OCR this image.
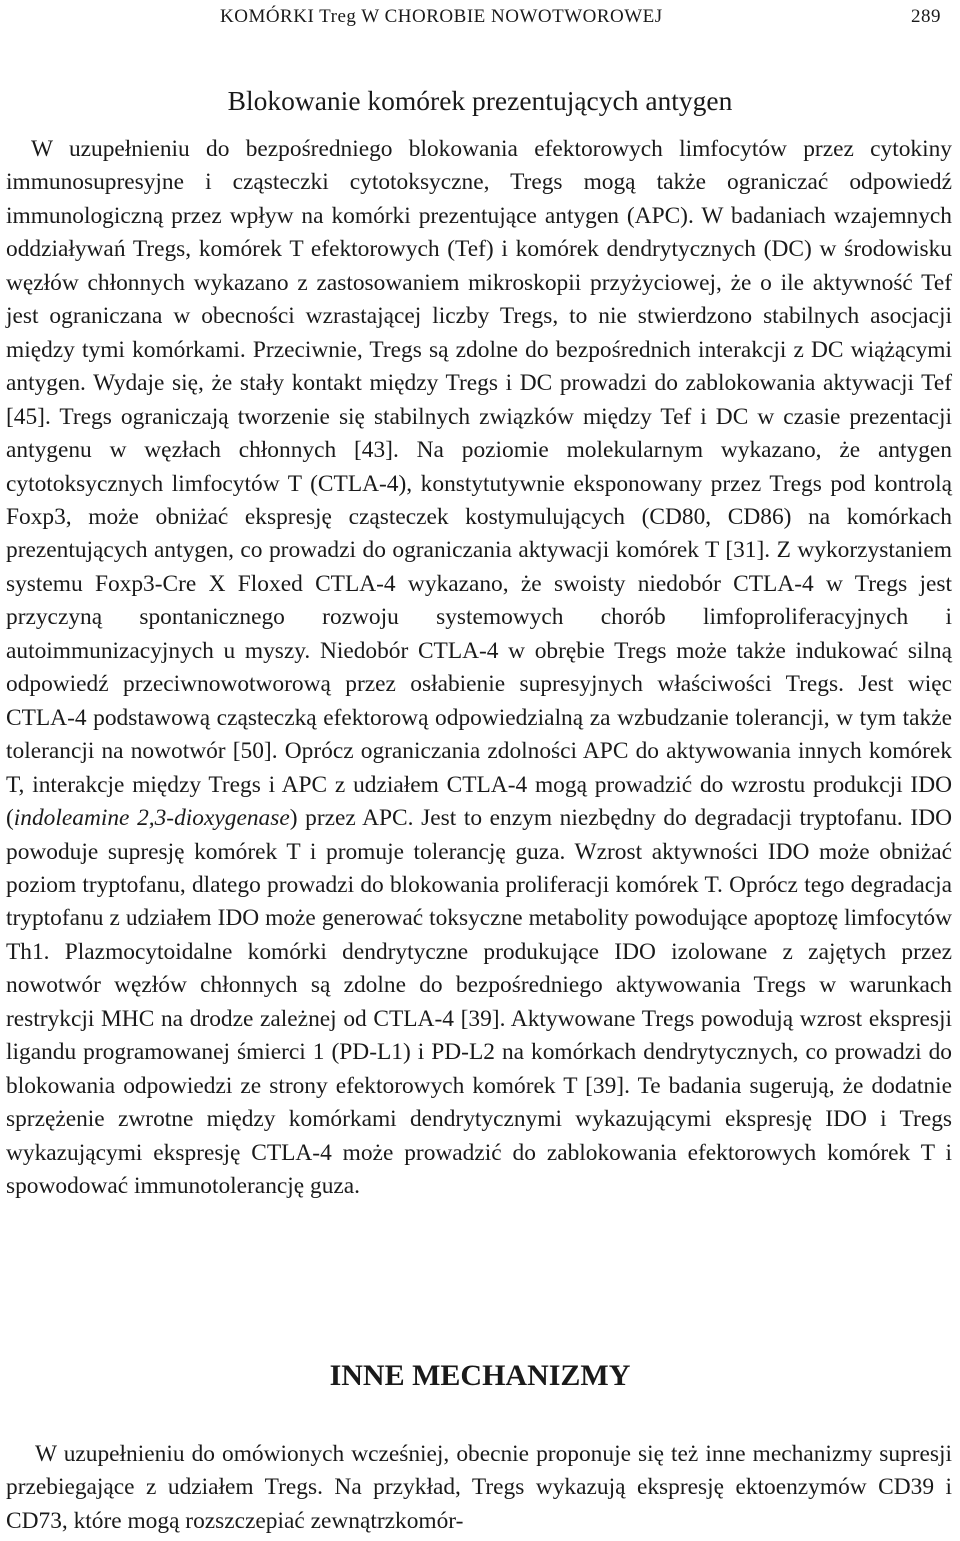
KOMÓRKI Treg W CHOROBIE NOWOTWOROWEJ	289
Blokowanie komórek prezentujących antygen

W uzupełnieniu do bezpośredniego blokowania efektorowych limfocytów przez cytokiny immunosupresyjne i cząsteczki cytotoksyczne, Tregs mogą także ograniczać odpowiedź immunologiczną przez wpływ na komórki prezentujące antygen (APC). W badaniach wzajemnych oddziaływań Tregs, komórek T efektorowych (Tef) i komórek dendrytycznych (DC) w środowisku węzłów chłonnych wykazano z zastosowaniem mikroskopii przyżyciowej, że o ile aktywność Tef jest ograniczana w obecności wzrastającej liczby Tregs, to nie stwierdzono stabilnych asocjacji między tymi komórkami. Przeciwnie, Tregs są zdolne do bezpośrednich interakcji z DC wiążącymi antygen. Wydaje się, że stały kontakt między Tregs i DC prowadzi do zablokowania aktywacji Tef [45]. Tregs ograniczają tworzenie się stabilnych związków między Tef i DC w czasie prezentacji antygenu w węzłach chłonnych [43]. Na poziomie molekularnym wykazano, że antygen cytotoksycznych limfocytów T (CTLA-4), konstytutywnie eksponowany przez Tregs pod kontrolą Foxp3, może obniżać ekspresję cząsteczek kostymulujących (CD80, CD86) na komórkach prezentujących antygen, co prowadzi do ograniczania aktywacji komórek T [31]. Z wykorzystaniem systemu Foxp3-Cre X Floxed CTLA-4 wykazano, że swoisty niedobór CTLA-4 w Tregs jest przyczyną spontanicznego rozwoju systemowych chorób limfoproliferacyjnych i autoimmunizacyjnych u myszy. Niedobór CTLA-4 w obrębie Tregs może także indukować silną odpowiedź przeciwnowotworową przez osłabienie supresyjnych właściwości Tregs. Jest więc CTLA-4 podstawową cząsteczką efektorową odpowiedzialną za wzbudzanie tolerancji, w tym także tolerancji na nowotwór [50]. Oprócz ograniczania zdolności APC do aktywowania innych komórek T, interakcje między Tregs i APC z udziałem CTLA-4 mogą prowadzić do wzrostu produkcji IDO (indoleamine 2,3-dioxygenase) przez APC. Jest to enzym niezbędny do degradacji tryptofanu. IDO powoduje supresję komórek T i promuje tolerancję guza. Wzrost aktywności IDO może obniżać poziom tryptofanu, dlatego prowadzi do blokowania proliferacji komórek T. Oprócz tego degradacja tryptofanu z udziałem IDO może generować toksyczne metabolity powodujące apoptozę limfocytów Th1. Plazmocytoidalne komórki dendrytyczne produkujące IDO izolowane z zajętych przez nowotwór węzłów chłonnych są zdolne do bezpośredniego aktywowania Tregs w warunkach restrykcji MHC na drodze zależnej od CTLA-4 [39]. Aktywowane Tregs powodują wzrost ekspresji ligandu programowanej śmierci 1 (PD-L1) i PD-L2 na komórkach dendrytycznych, co prowadzi do blokowania odpowiedzi ze strony efektorowych komórek T [39]. Te badania sugerują, że dodatnie sprzężenie zwrotne między komórkami dendrytycznymi wykazującymi ekspresję IDO i Tregs wykazującymi ekspresję CTLA-4 może prowadzić do zablokowania efektorowych komórek T i spowodować immunotolerancję guza.

INNE MECHANIZMY

W uzupełnieniu do omówionych wcześniej, obecnie proponuje się też inne mechanizmy supresji przebiegające z udziałem Tregs. Na przykład, Tregs wykazują ekspresję ektoenzymów CD39 i CD73, które mogą rozszczepiać zewnątrzkomór-
